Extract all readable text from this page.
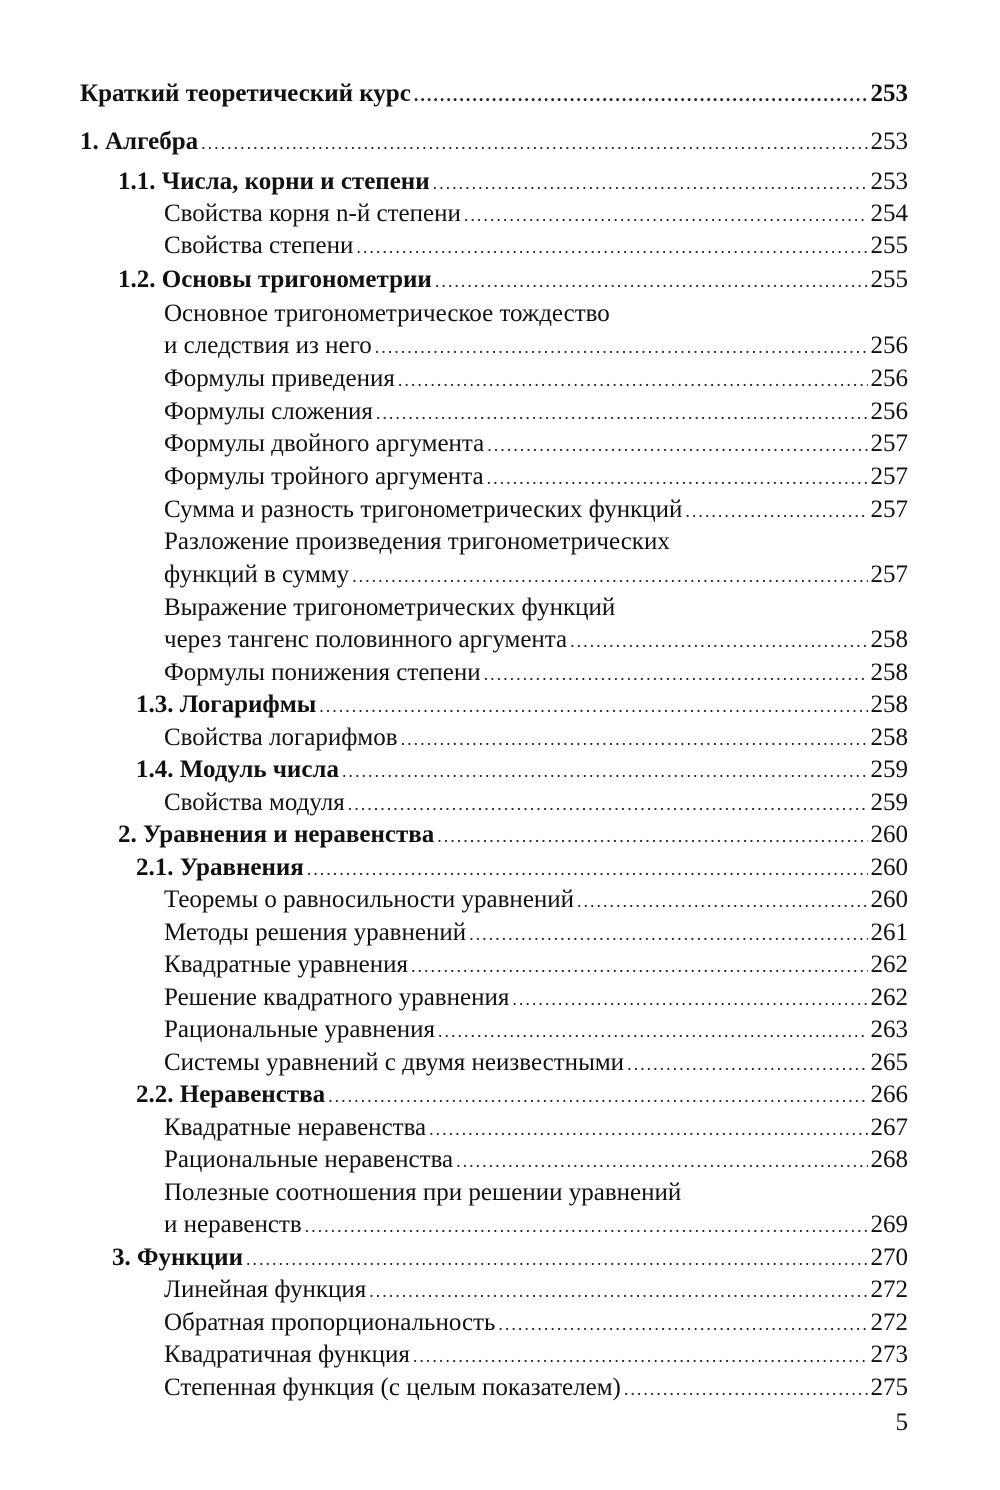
Краткий теоретический курс .....	253
1. Алгебра .....	253
1.1. Числа, корни и степени .....	253
Свойства корня n-й степени .....	254
Свойства степени .....	255
1.2. Основы тригонометрии .....	255
Основное тригонометрическое тождество
и следствия из него .....	256
Формулы приведения .....	256
Формулы сложения .....	256
Формулы двойного аргумента .....	257
Формулы тройного аргумента .....	257
Сумма и разность тригонометрических функций .....	257
Разложение произведения тригонометрических
функций в сумму .....	257
Выражение тригонометрических функций
через тангенс половинного аргумента .....	258
Формулы понижения степени .....	258
1.3. Логарифмы .....	258
Свойства логарифмов .....	258
1.4. Модуль числа .....	259
Свойства модуля .....	259
2. Уравнения и неравенства .....	260
2.1. Уравнения .....	260
Теоремы о равносильности уравнений .....	260
Методы решения уравнений .....	261
Квадратные уравнения .....	262
Решение квадратного уравнения .....	262
Рациональные уравнения .....	263
Системы уравнений с двумя неизвестными .....	265
2.2. Неравенства .....	266
Квадратные неравенства .....	267
Рациональные неравенства .....	268
Полезные соотношения при решении уравнений
и неравенств .....	269
3. Функции .....	270
Линейная функция .....	272
Обратная пропорциональность .....	272
Квадратичная функция .....	273
Степенная функция (с целым показателем) .....	275
5
